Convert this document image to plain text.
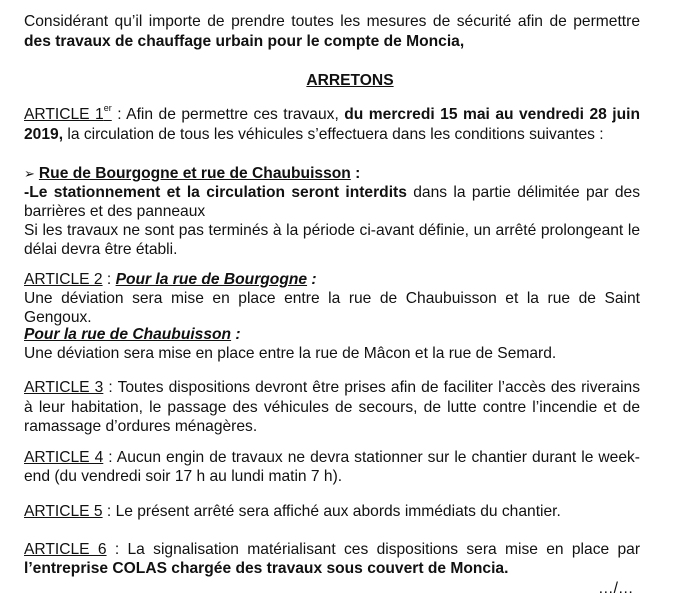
Considérant qu’il importe de prendre toutes les mesures de sécurité afin de permettre
des travaux de chauffage urbain pour le compte de Moncia,
ARRETONS
ARTICLE 1er : Afin de permettre ces travaux, du mercredi 15 mai au vendredi 28 juin
2019, la circulation de tous les véhicules s’effectuera dans les conditions suivantes :
➢ Rue de Bourgogne et rue de Chaubuisson :
-Le stationnement et la circulation seront interdits dans la partie délimitée par des
barrières et des panneaux
Si les travaux ne sont pas terminés à la période ci-avant définie, un arrêté prolongeant le
délai devra être établi.
ARTICLE 2 : Pour la rue de Bourgogne :
Une déviation sera mise en place entre la rue de Chaubuisson et la rue de Saint
Gengoux.
Pour la rue de Chaubuisson :
Une déviation sera mise en place entre la rue de Mâcon et la rue de Semard.
ARTICLE 3 : Toutes dispositions devront être prises afin de faciliter l’accès des riverains
à leur habitation, le passage des véhicules de secours, de lutte contre l’incendie et de
ramassage d’ordures ménagères.
ARTICLE 4 : Aucun engin de travaux ne devra stationner sur le chantier durant le week-
end (du vendredi soir 17 h au lundi matin 7 h).
ARTICLE 5 : Le présent arrêté sera affiché aux abords immédiats du chantier.
ARTICLE 6 : La signalisation matérialisant ces dispositions sera mise en place par
l’entreprise COLAS chargée des travaux sous couvert de Moncia.
…/…
